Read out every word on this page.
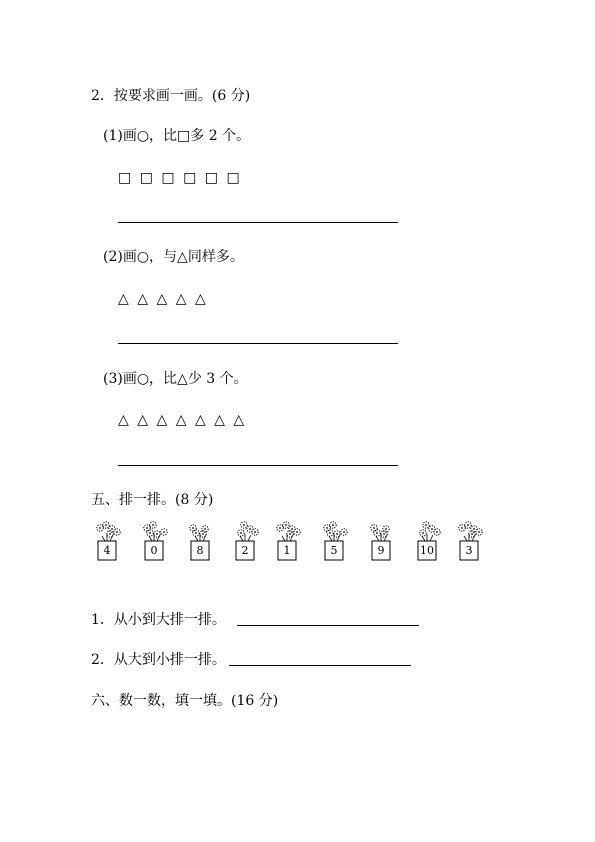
2．按要求画一画。(6 分)
(1)画○，比□多 2 个。
□ □ □ □ □ □
(2)画○，与△同样多。
△ △ △ △ △
(3)画○，比△少 3 个。
△ △ △ △ △ △ △
五、排一排。(8 分)
4	0	8	2	1	5	9	10	3
1．从小到大排一排。
2．从大到小排一排。
六、数一数，填一填。(16 分)
